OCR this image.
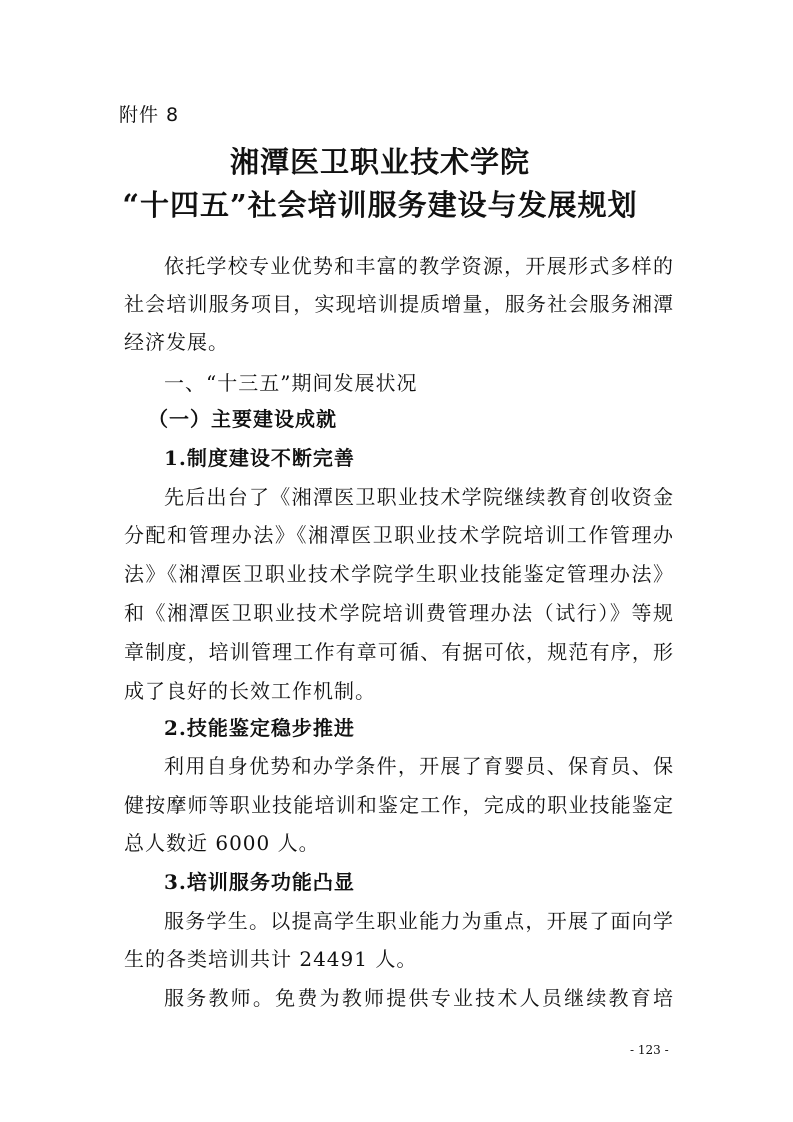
附件 8
湘潭医卫职业技术学院
“十四五”社会培训服务建设与发展规划
依托学校专业优势和丰富的教学资源，开展形式多样的
社会培训服务项目，实现培训提质增量，服务社会服务湘潭
经济发展。
一、“十三五”期间发展状况
（一）主要建设成就
1.制度建设不断完善
先后出台了《湘潭医卫职业技术学院继续教育创收资金
分配和管理办法》《湘潭医卫职业技术学院培训工作管理办
法》《湘潭医卫职业技术学院学生职业技能鉴定管理办法》
和《湘潭医卫职业技术学院培训费管理办法（试行）》等规
章制度，培训管理工作有章可循、有据可依，规范有序，形
成了良好的长效工作机制。
2.技能鉴定稳步推进
利用自身优势和办学条件，开展了育婴员、保育员、保
健按摩师等职业技能培训和鉴定工作，完成的职业技能鉴定
总人数近 6000 人。
3.培训服务功能凸显
服务学生。以提高学生职业能力为重点，开展了面向学
生的各类培训共计 24491 人。
服务教师。免费为教师提供专业技术人员继续教育培
- 123 -
